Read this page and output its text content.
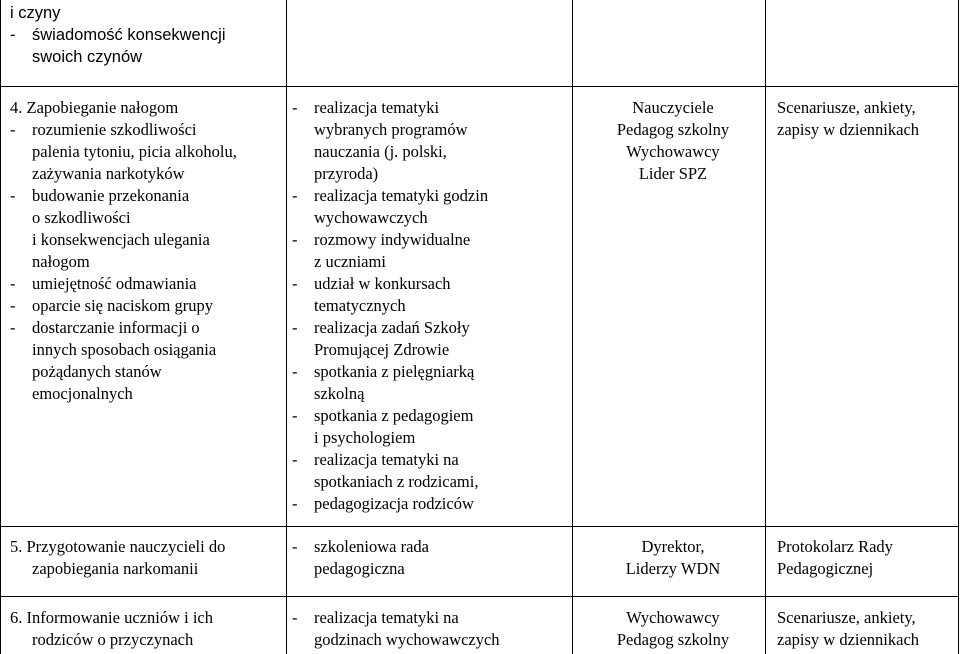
i czyny
- świadomość konsekwencji
swoich czynów
4. Zapobieganie nałogom
- rozumienie szkodliwości
palenia tytoniu, picia alkoholu,
zażywania narkotyków
- budowanie przekonania
o szkodliwości
i konsekwencjach ulegania
nałogom
- umiejętność odmawiania
- oparcie się naciskom grupy
- dostarczanie informacji o
innych sposobach osiągania
pożądanych stanów
emocjonalnych
- realizacja tematyki
wybranych programów
nauczania (j. polski,
przyroda)
- realizacja tematyki godzin
wychowawczych
- rozmowy indywidualne
z uczniami
- udział w konkursach
tematycznych
- realizacja zadań Szkoły
Promującej Zdrowie
- spotkania z pielęgniarką
szkolną
- spotkania z pedagogiem
i psychologiem
- realizacja tematyki na
spotkaniach z rodzicami,
- pedagogizacja rodziców
Nauczyciele
Pedagog szkolny
Wychowawcy
Lider SPZ
Scenariusze, ankiety,
zapisy w dziennikach
5. Przygotowanie nauczycieli do
zapobiegania narkomanii
- szkoleniowa rada
pedagogiczna
Dyrektor,
Liderzy WDN
Protokolarz Rady
Pedagogicznej
6. Informowanie uczniów i ich
rodziców o przyczynach
- realizacja tematyki na
godzinach wychowawczych
Wychowawcy
Pedagog szkolny
Scenariusze, ankiety,
zapisy w dziennikach
